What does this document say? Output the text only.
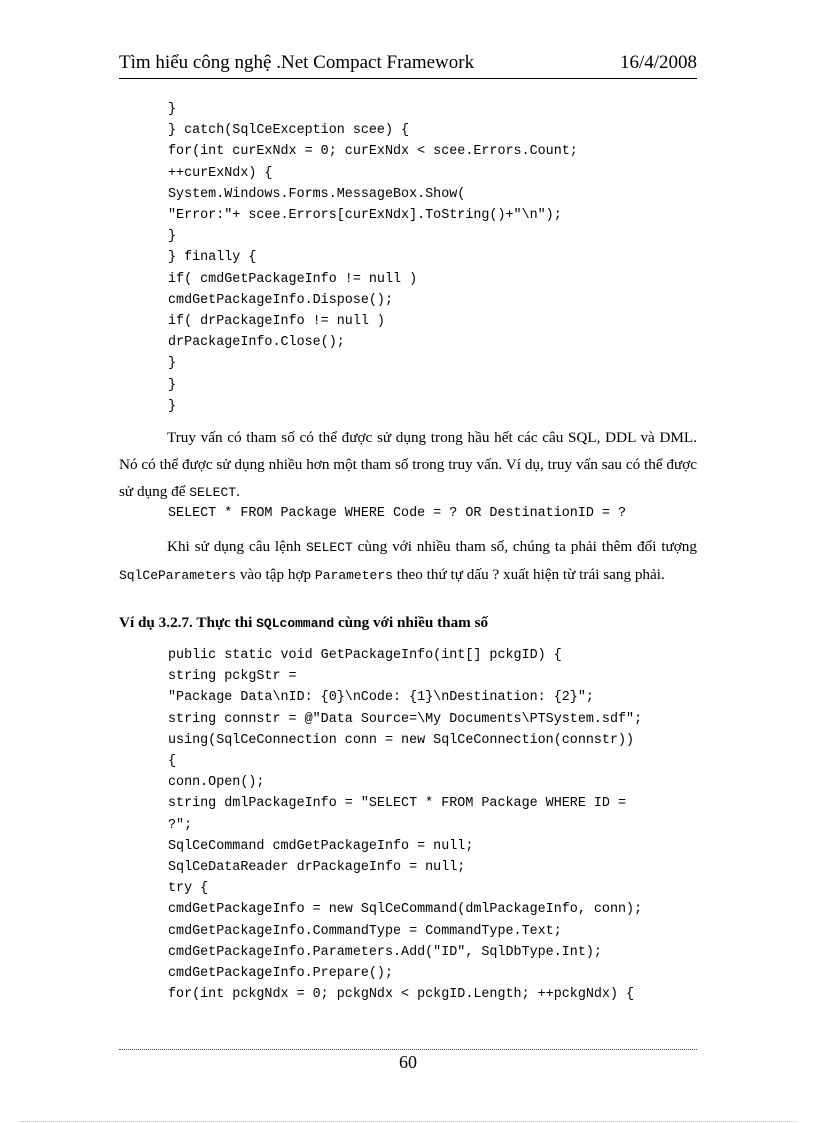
Tìm hiểu công nghệ .Net Compact Framework	16/4/2008
}
} catch(SqlCeException scee) {
for(int curExNdx = 0; curExNdx < scee.Errors.Count;
++curExNdx) {
System.Windows.Forms.MessageBox.Show(
"Error:"+ scee.Errors[curExNdx].ToString()+"\n");
}
} finally {
if( cmdGetPackageInfo != null )
cmdGetPackageInfo.Dispose();
if( drPackageInfo != null )
drPackageInfo.Close();
}
}
}

Truy vấn có tham số có thể được sử dụng trong hầu hết các câu SQL, DDL và DML. Nó có thể được sử dụng nhiều hơn một tham số trong truy vấn. Ví dụ, truy vấn sau có thể được sử dụng để SELECT.

SELECT * FROM Package WHERE Code = ? OR DestinationID = ?

Khi sử dụng câu lệnh SELECT cùng với nhiều tham số, chúng ta phải thêm đối tượng SqlCeParameters vào tập hợp Parameters theo thứ tự dấu ? xuất hiện từ trái sang phải.

Ví dụ 3.2.7. Thực thi SQLcommand cùng với nhiều tham số
public static void GetPackageInfo(int[] pckgID) {
string pckgStr =
"Package Data\nID: {0}\nCode: {1}\nDestination: {2}";
string connstr = @"Data Source=\My Documents\PTSystem.sdf";
using(SqlCeConnection conn = new SqlCeConnection(connstr))
{
conn.Open();
string dmlPackageInfo = "SELECT * FROM Package WHERE ID =
?";
SqlCeCommand cmdGetPackageInfo = null;
SqlCeDataReader drPackageInfo = null;
try {
cmdGetPackageInfo = new SqlCeCommand(dmlPackageInfo, conn);
cmdGetPackageInfo.CommandType = CommandType.Text;
cmdGetPackageInfo.Parameters.Add("ID", SqlDbType.Int);
cmdGetPackageInfo.Prepare();
for(int pckgNdx = 0; pckgNdx < pckgID.Length; ++pckgNdx) {
60
